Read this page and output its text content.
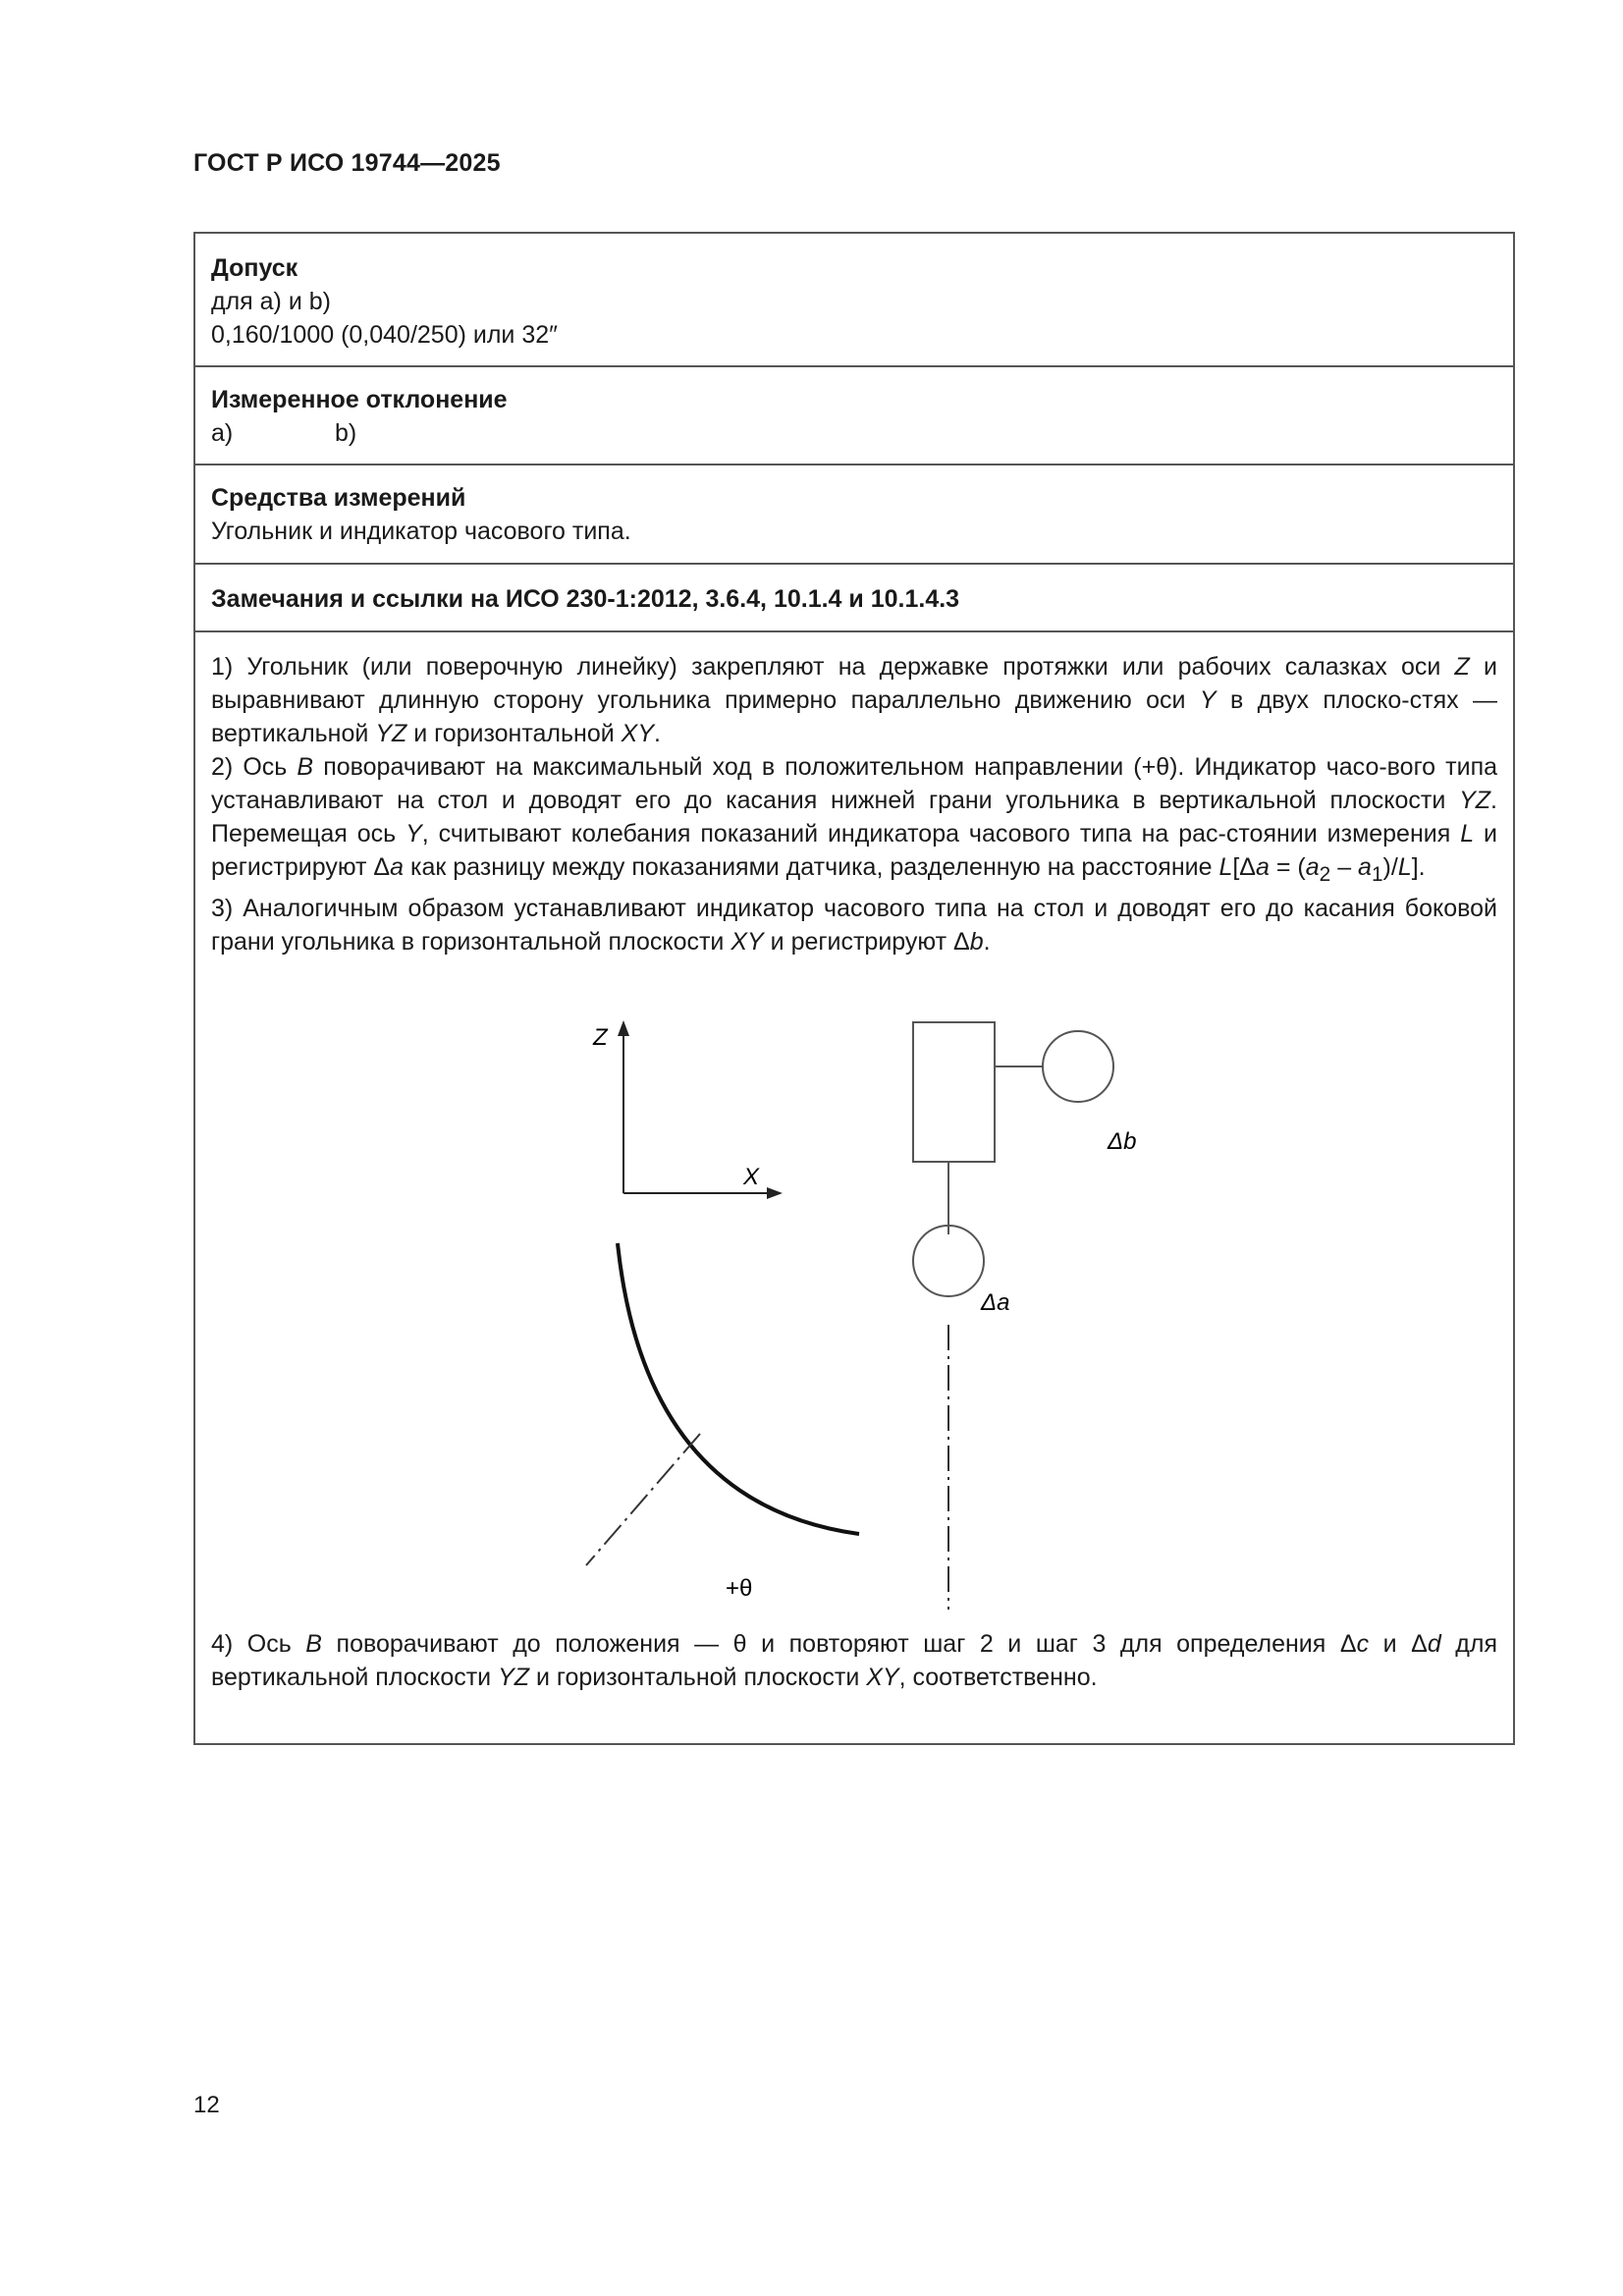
ГОСТ Р ИСО 19744—2025
Допуск
для a) и b)
0,160/1000 (0,040/250) или 32″
Измеренное отклонение
a)	b)
Средства измерений
Угольник и индикатор часового типа.
Замечания и ссылки на ИСО 230-1:2012, 3.6.4, 10.1.4 и 10.1.4.3
1) Угольник (или поверочную линейку) закрепляют на державке протяжки или рабочих салазках оси Z и выравнивают длинную сторону угольника примерно параллельно движению оси Y в двух плоско-стях — вертикальной YZ и горизонтальной XY.
2) Ось B поворачивают на максимальный ход в положительном направлении (+θ). Индикатор часо-вого типа устанавливают на стол и доводят его до касания нижней грани угольника в вертикальной плоскости YZ. Перемещая ось Y, считывают колебания показаний индикатора часового типа на рас-стоянии измерения L и регистрируют Δa как разницу между показаниями датчика, разделенную на расстояние $L[\Delta a = (a_2 - a_1)/L]$.
3) Аналогичным образом устанавливают индикатор часового типа на стол и доводят его до касания боковой грани угольника в горизонтальной плоскости XY и регистрируют Δb.
Z
X
Δb
Δa
+θ
4) Ось B поворачивают до положения — θ и повторяют шаг 2 и шаг 3 для определения Δc и Δd для вертикальной плоскости YZ и горизонтальной плоскости XY, соответственно.
12
